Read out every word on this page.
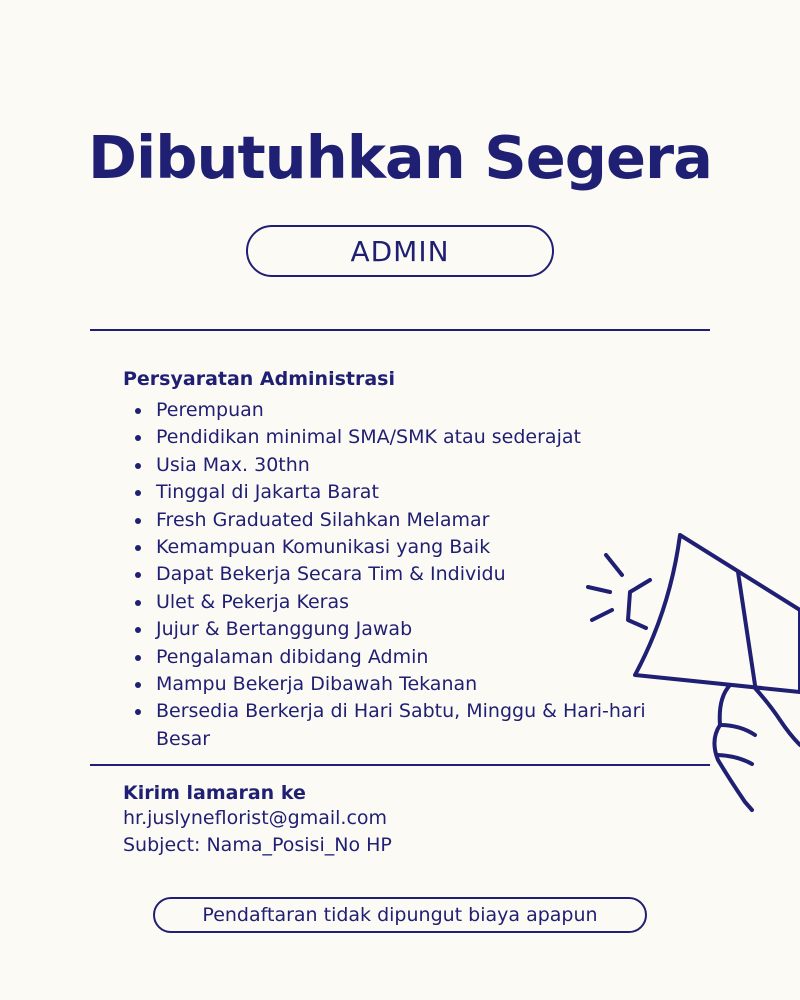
Dibutuhkan Segera
ADMIN
Persyaratan Administrasi
Perempuan
Pendidikan minimal SMA/SMK atau sederajat
Usia Max. 30thn
Tinggal di Jakarta Barat
Fresh Graduated Silahkan Melamar
Kemampuan Komunikasi yang Baik
Dapat Bekerja Secara Tim & Individu
Ulet & Pekerja Keras
Jujur & Bertanggung Jawab
Pengalaman dibidang Admin
Mampu Bekerja Dibawah Tekanan
Bersedia Berkerja di Hari Sabtu, Minggu & Hari-hari Besar
Kirim lamaran ke
hr.juslyneflorist@gmail.com
Subject: Nama_Posisi_No HP
Pendaftaran tidak dipungut biaya apapun
